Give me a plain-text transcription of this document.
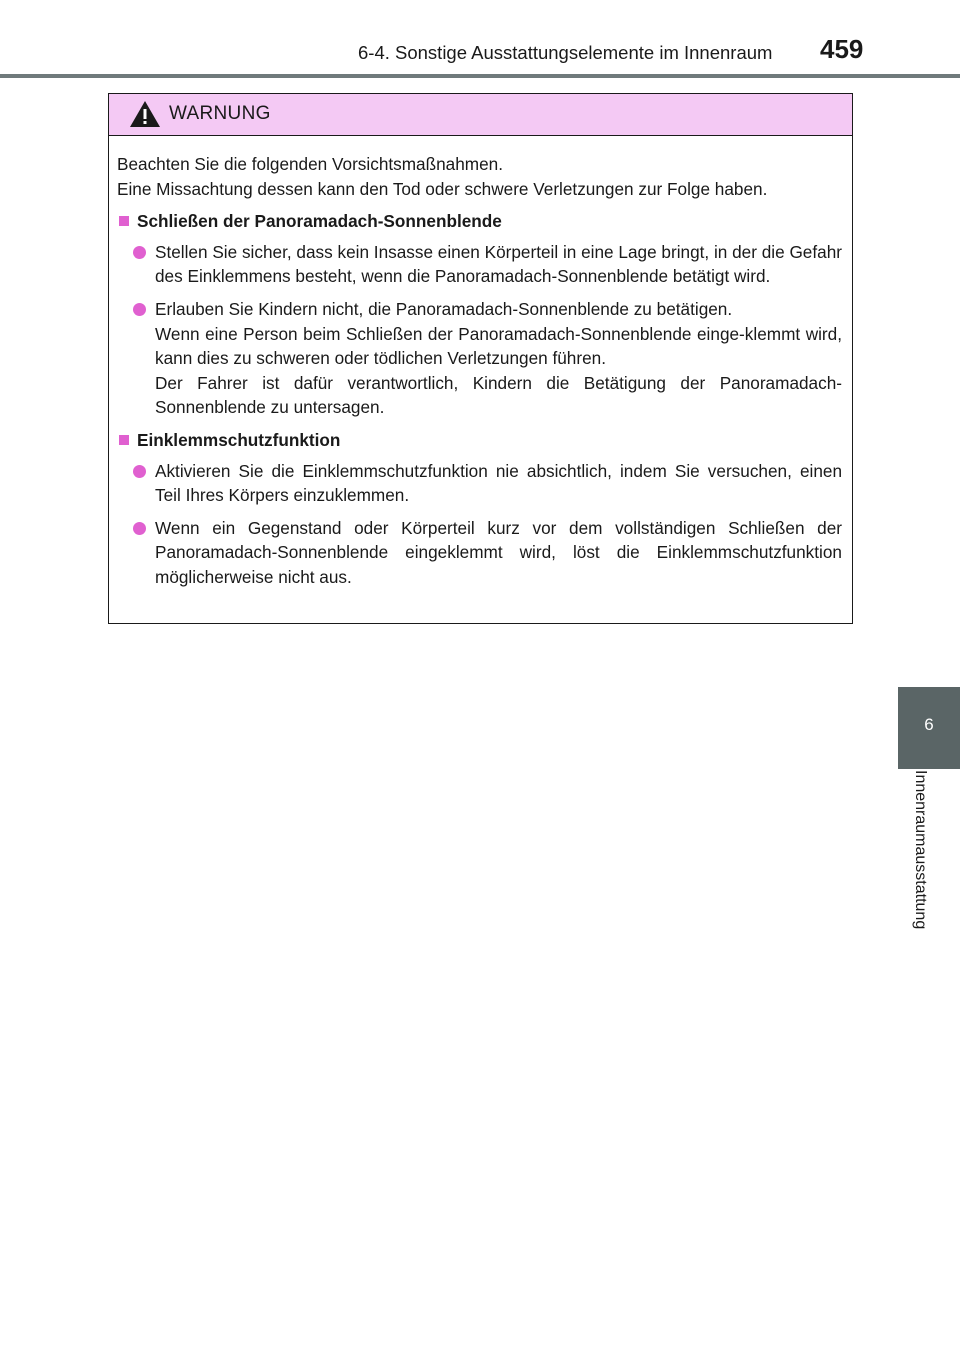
6-4. Sonstige Ausstattungselemente im Innenraum 459
6
Innenraumausstattung
WARNUNG

Beachten Sie die folgenden Vorsichtsmaßnahmen.
Eine Missachtung dessen kann den Tod oder schwere Verletzungen zur Folge haben.

Schließen der Panoramadach-Sonnenblende
Stellen Sie sicher, dass kein Insasse einen Körperteil in eine Lage bringt, in der die Gefahr des Einklemmens besteht, wenn die Panoramadach-Sonnenblende betätigt wird.
Erlauben Sie Kindern nicht, die Panoramadach-Sonnenblende zu betätigen.
Wenn eine Person beim Schließen der Panoramadach-Sonnenblende einge-klemmt wird, kann dies zu schweren oder tödlichen Verletzungen führen.
Der Fahrer ist dafür verantwortlich, Kindern die Betätigung der Panoramadach-Sonnenblende zu untersagen.
Einklemmschutzfunktion
Aktivieren Sie die Einklemmschutzfunktion nie absichtlich, indem Sie versuchen, einen Teil Ihres Körpers einzuklemmen.
Wenn ein Gegenstand oder Körperteil kurz vor dem vollständigen Schließen der Panoramadach-Sonnenblende eingeklemmt wird, löst die Einklemmschutzfunktion möglicherweise nicht aus.
